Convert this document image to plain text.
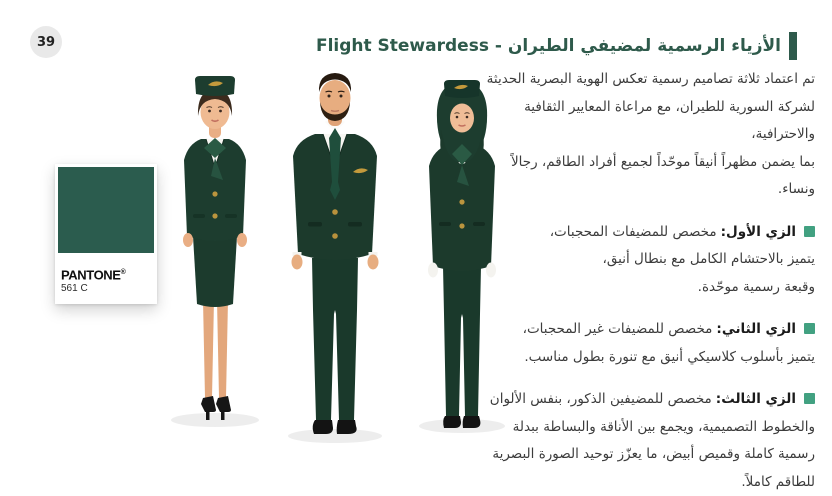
39	الأزياء الرسمية لمضيفي الطيران - Flight Stewardess
PANTONE®
561 C

تم اعتماد ثلاثة تصاميم رسمية تعكس الهوية البصرية الحديثة
لشركة السورية للطيران، مع مراعاة المعايير الثقافية والاحترافية،
بما يضمن مظهراً أنيقاً موحّداً لجميع أفراد الطاقم، رجالاً ونساء.

الزي الأول:مخصص للمضيفات المحجبات،
يتميز بالاحتشام الكامل مع بنطال أنيق،
وقبعة رسمية موحّدة.
الزي الثاني:مخصص للمضيفات غير المحجبات،
يتميز بأسلوب كلاسيكي أنيق مع تنورة بطول مناسب.
الزي الثالث:مخصص للمضيفين الذكور، بنفس الألوان
والخطوط التصميمية، ويجمع بين الأناقة والبساطة ببدلة
رسمية كاملة وقميص أبيض، ما يعزّز توحيد الصورة البصرية
للطاقم كاملاً.
